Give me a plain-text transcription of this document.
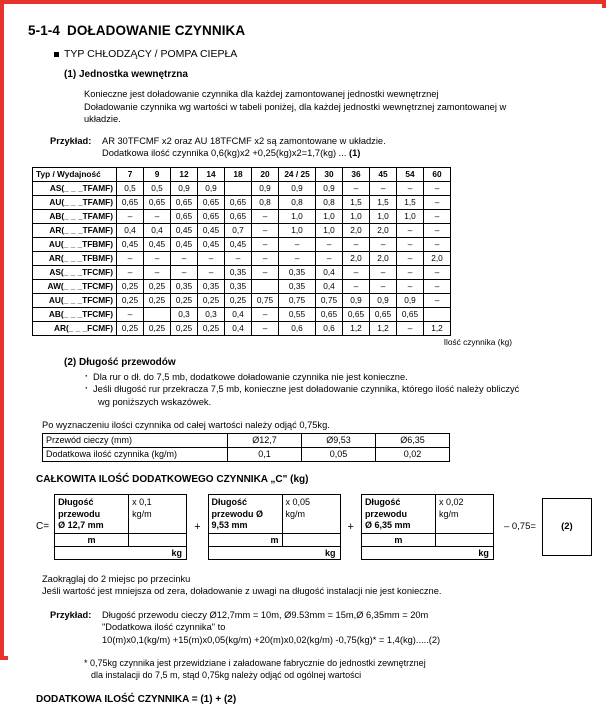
5-1-4 DOŁADOWANIE CZYNNIKA
TYP CHŁODZĄCY / POMPA CIEPŁA
(1) Jednostka wewnętrzna
Konieczne jest doładowanie czynnika dla każdej zamontowanej jednostki wewnętrznej
Doładowanie czynnika wg wartości w tabeli poniżej, dla każdej jednostki wewnętrznej zamontowanej w
układzie.
Przykład:	AR 30TFCMF x2 oraz AU 18TFCMF x2 są zamontowane w układzie.
Dodatkowa ilość czynnika 0,6(kg)x2 +0,25(kg)x2=1,7(kg) ... (1)
Typ / Wydajność	7	9	12	14	18	20	24 / 25	30	36	45	54	60
AS(_ _ _TFAMF)	0,5	0,5	0,9	0,9		0,9	0,9	0,9	–	–	–	–
AU(_ _ _TFAMF)	0,65	0,65	0,65	0,65	0,65	0,8	0,8	0,8	1,5	1,5	1,5	–
AB(_ _ _TFAMF)	–	–	0,65	0,65	0,65	–	1,0	1,0	1,0	1,0	1,0	–
AR(_ _ _TFAMF)	0,4	0,4	0,45	0,45	0,7	–	1,0	1,0	2,0	2,0	–	–
AU(_ _ _TFBMF)	0,45	0,45	0,45	0,45	0,45	–	–	–	–	–	–	–
AR(_ _ _TFBMF)	–	–	–	–	–	–	–	–	2,0	2,0	–	2,0
AS(_ _ _TFCMF)	–	–	–	–	0,35	–	0,35	0,4	–	–	–	–
AW(_ _ _TFCMF)	0,25	0,25	0,35	0,35	0,35		0,35	0,4	–	–	–	–
AU(_ _ _TFCMF)	0,25	0,25	0,25	0,25	0,25	0,75	0,75	0,75	0,9	0,9	0,9	–
AB(_ _ _TFCMF)	–		0,3	0,3	0,4	–	0,55	0,65	0,65	0,65	0,65	
AR(_ _ _FCMF)	0,25	0,25	0,25	0,25	0,4	–	0,6	0,6	1,2	1,2	–	1,2
Ilość czynnika (kg)
(2) Długość przewodów
· Dla rur o dł. do 7,5 mb, dodatkowe doładowanie czynnika nie jest konieczne.
· Jeśli długość rur przekracza 7,5 mb, konieczne jest doładowanie czynnika, którego ilość należy obliczyć
wg poniższych wskazówek.
Po wyznaczeniu ilości czynnika od całej wartości należy odjąć 0,75kg.
Przewód cieczy (mm)	Ø12,7	Ø9,53	Ø6,35
Dodatkowa ilość czynnika (kg/m)	0,1	0,05	0,02
CAŁKOWITA ILOŚĆ DODATKOWEGO CZYNNIKA „C" (kg)
C=
Długość
przewodu
Ø 12,7 mm
x 0,1
kg/m
m
kg
+
Długość
przewodu Ø
9,53 mm
x 0,05
kg/m
m
kg
+
Długość
przewodu
Ø 6,35 mm
x 0,02
kg/m
m
kg
– 0,75=	(2)
Zaokrąglaj do 2 miejsc po przecinku
Jeśli wartość jest mniejsza od zera, doładowanie z uwagi na długość instalacji nie jest konieczne.
Przykład:	Długość przewodu cieczy Ø12,7mm = 10m, Ø9.53mm = 15m,Ø 6,35mm = 20m
"Dodatkowa ilość czynnika" to
10(m)x0,1(kg/m) +15(m)x0,05(kg/m) +20(m)x0,02(kg/m) -0,75(kg)* = 1,4(kg).....(2)
* 0,75kg czynnika jest przewidziane i załadowane fabrycznie do jednostki zewnętrznej
dla instalacji do 7,5 m, stąd 0,75kg należy odjąć od ogólnej wartości
DODATKOWA ILOŚĆ CZYNNIKA = (1) + (2)
